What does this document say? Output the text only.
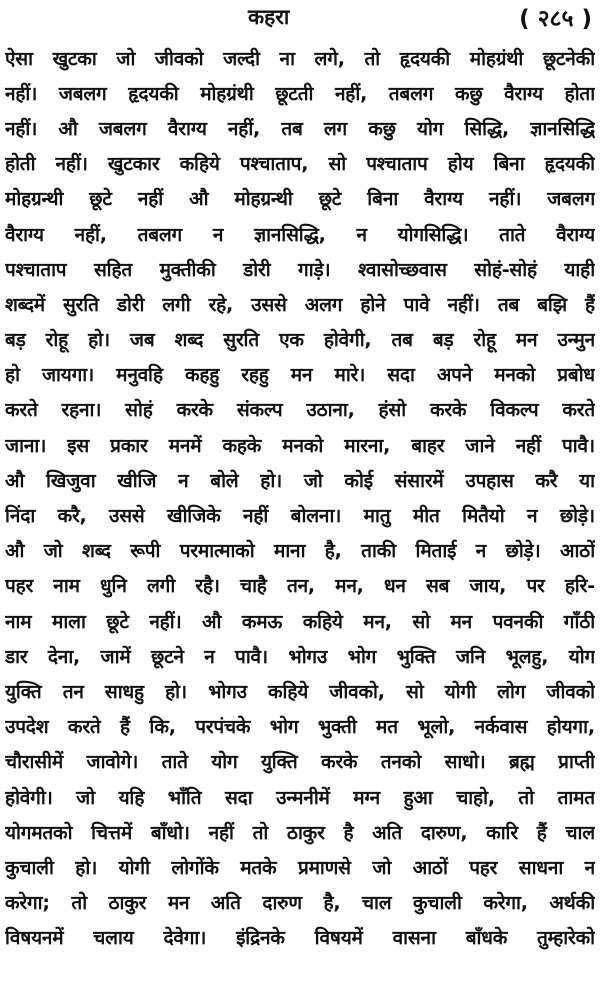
कहरा	( २८५ )
ऐसा खुटका जो जीवको जल्दी ना लगे, तो हृदयकी मोहग्रंथी छूटनेकी
नहीं। जबलग हृदयकी मोहग्रंथी छूटती नहीं, तबलग कछु वैराग्य होता
नहीं। औ जबलग वैराग्य नहीं, तब लग कछु योग सिद्धि, ज्ञानसिद्धि
होती नहीं। खुटकार कहिये पश्चाताप, सो पश्चाताप होय बिना हृदयकी
मोहग्रन्थी छूटे नहीं औ मोहग्रन्थी छूटे बिना वैराग्य नहीं। जबलग
वैराग्य नहीं, तबलग न ज्ञानसिद्धि, न योगसिद्धि। ताते वैराग्य
पश्चाताप सहित मुक्तीकी डोरी गाड़े। श्वासोच्छवास सोहं-सोहं याही
शब्दमें सुरति डोरी लगी रहे, उससे अलग होने पावे नहीं। तब बझि हैं
बड़ रोहू हो। जब शब्द सुरति एक होवेगी, तब बड़ रोहू मन उन्मुन
हो जायगा। मनुवहि कहहु रहहु मन मारे। सदा अपने मनको प्रबोध
करते रहना। सोहं करके संकल्प उठाना, हंसो करके विकल्प करते
जाना। इस प्रकार मनमें कहके मनको मारना, बाहर जाने नहीं पावै।
औ खिजुवा खीजि न बोले हो। जो कोई संसारमें उपहास करै या
निंदा करै, उससे खीजिके नहीं बोलना। मातु मीत मितैयो न छोड़े।
औ जो शब्द रूपी परमात्माको माना है, ताकी मिताई न छोड़े। आठों
पहर नाम धुनि लगी रहै। चाहै तन, मन, धन सब जाय, पर हरि-
नाम माला छूटे नहीं। औ कमऊ कहिये मन, सो मन पवनकी गाँठी
डार देना, जामें छूटने न पावै। भोगउ भोग भुक्ति जनि भूलहु, योग
युक्ति तन साधहु हो। भोगउ कहिये जीवको, सो योगी लोग जीवको
उपदेश करते हैं कि, परपंचके भोग भुक्ती मत भूलो, नर्कवास होयगा,
चौरासीमें जावोगे। ताते योग युक्ति करके तनको साधो। ब्रह्म प्राप्ती
होवेगी। जो यहि भाँति सदा उन्मनीमें मग्न हुआ चाहो, तो तामत
योगमतको चित्तमें बाँधो। नहीं तो ठाकुर है अति दारुण, कारि हैं चाल
कुचाली हो। योगी लोगोंके मतके प्रमाणसे जो आठों पहर साधना न
करेगा; तो ठाकुर मन अति दारुण है, चाल कुचाली करेगा, अर्थकी
विषयनमें चलाय देवेगा। इंद्रिनके विषयमें वासना बाँधके तुम्हारेको
